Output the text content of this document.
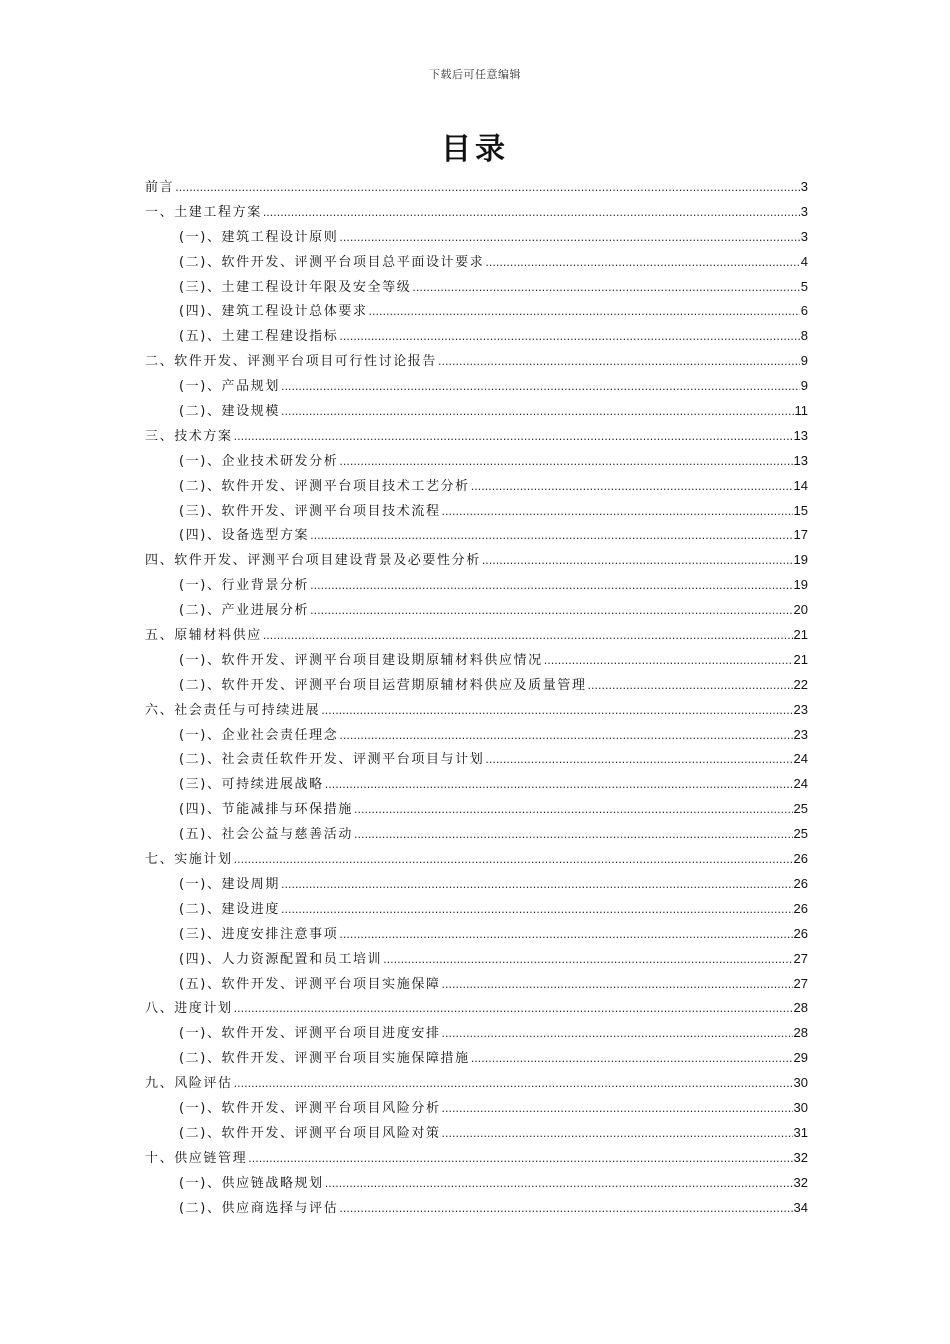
下载后可任意编辑
目录
前言 .....	3
一、土建工程方案 .....	3
(一)、建筑工程设计原则 .....	3
(二)、软件开发、评测平台项目总平面设计要求 .....	4
(三)、土建工程设计年限及安全等级 .....	5
(四)、建筑工程设计总体要求 .....	6
(五)、土建工程建设指标 .....	8
二、软件开发、评测平台项目可行性讨论报告 .....	9
(一)、产品规划 .....	9
(二)、建设规模 .....	11
三、技术方案 .....	13
(一)、企业技术研发分析 .....	13
(二)、软件开发、评测平台项目技术工艺分析 .....	14
(三)、软件开发、评测平台项目技术流程 .....	15
(四)、设备选型方案 .....	17
四、软件开发、评测平台项目建设背景及必要性分析 .....	19
(一)、行业背景分析 .....	19
(二)、产业进展分析 .....	20
五、原辅材料供应 .....	21
(一)、软件开发、评测平台项目建设期原辅材料供应情况 .....	21
(二)、软件开发、评测平台项目运营期原辅材料供应及质量管理 .....	22
六、社会责任与可持续进展 .....	23
(一)、企业社会责任理念 .....	23
(二)、社会责任软件开发、评测平台项目与计划 .....	24
(三)、可持续进展战略 .....	24
(四)、节能减排与环保措施 .....	25
(五)、社会公益与慈善活动 .....	25
七、实施计划 .....	26
(一)、建设周期 .....	26
(二)、建设进度 .....	26
(三)、进度安排注意事项 .....	26
(四)、人力资源配置和员工培训 .....	27
(五)、软件开发、评测平台项目实施保障 .....	27
八、进度计划 .....	28
(一)、软件开发、评测平台项目进度安排 .....	28
(二)、软件开发、评测平台项目实施保障措施 .....	29
九、风险评估 .....	30
(一)、软件开发、评测平台项目风险分析 .....	30
(二)、软件开发、评测平台项目风险对策 .....	31
十、供应链管理 .....	32
(一)、供应链战略规划 .....	32
(二)、供应商选择与评估 .....	34
